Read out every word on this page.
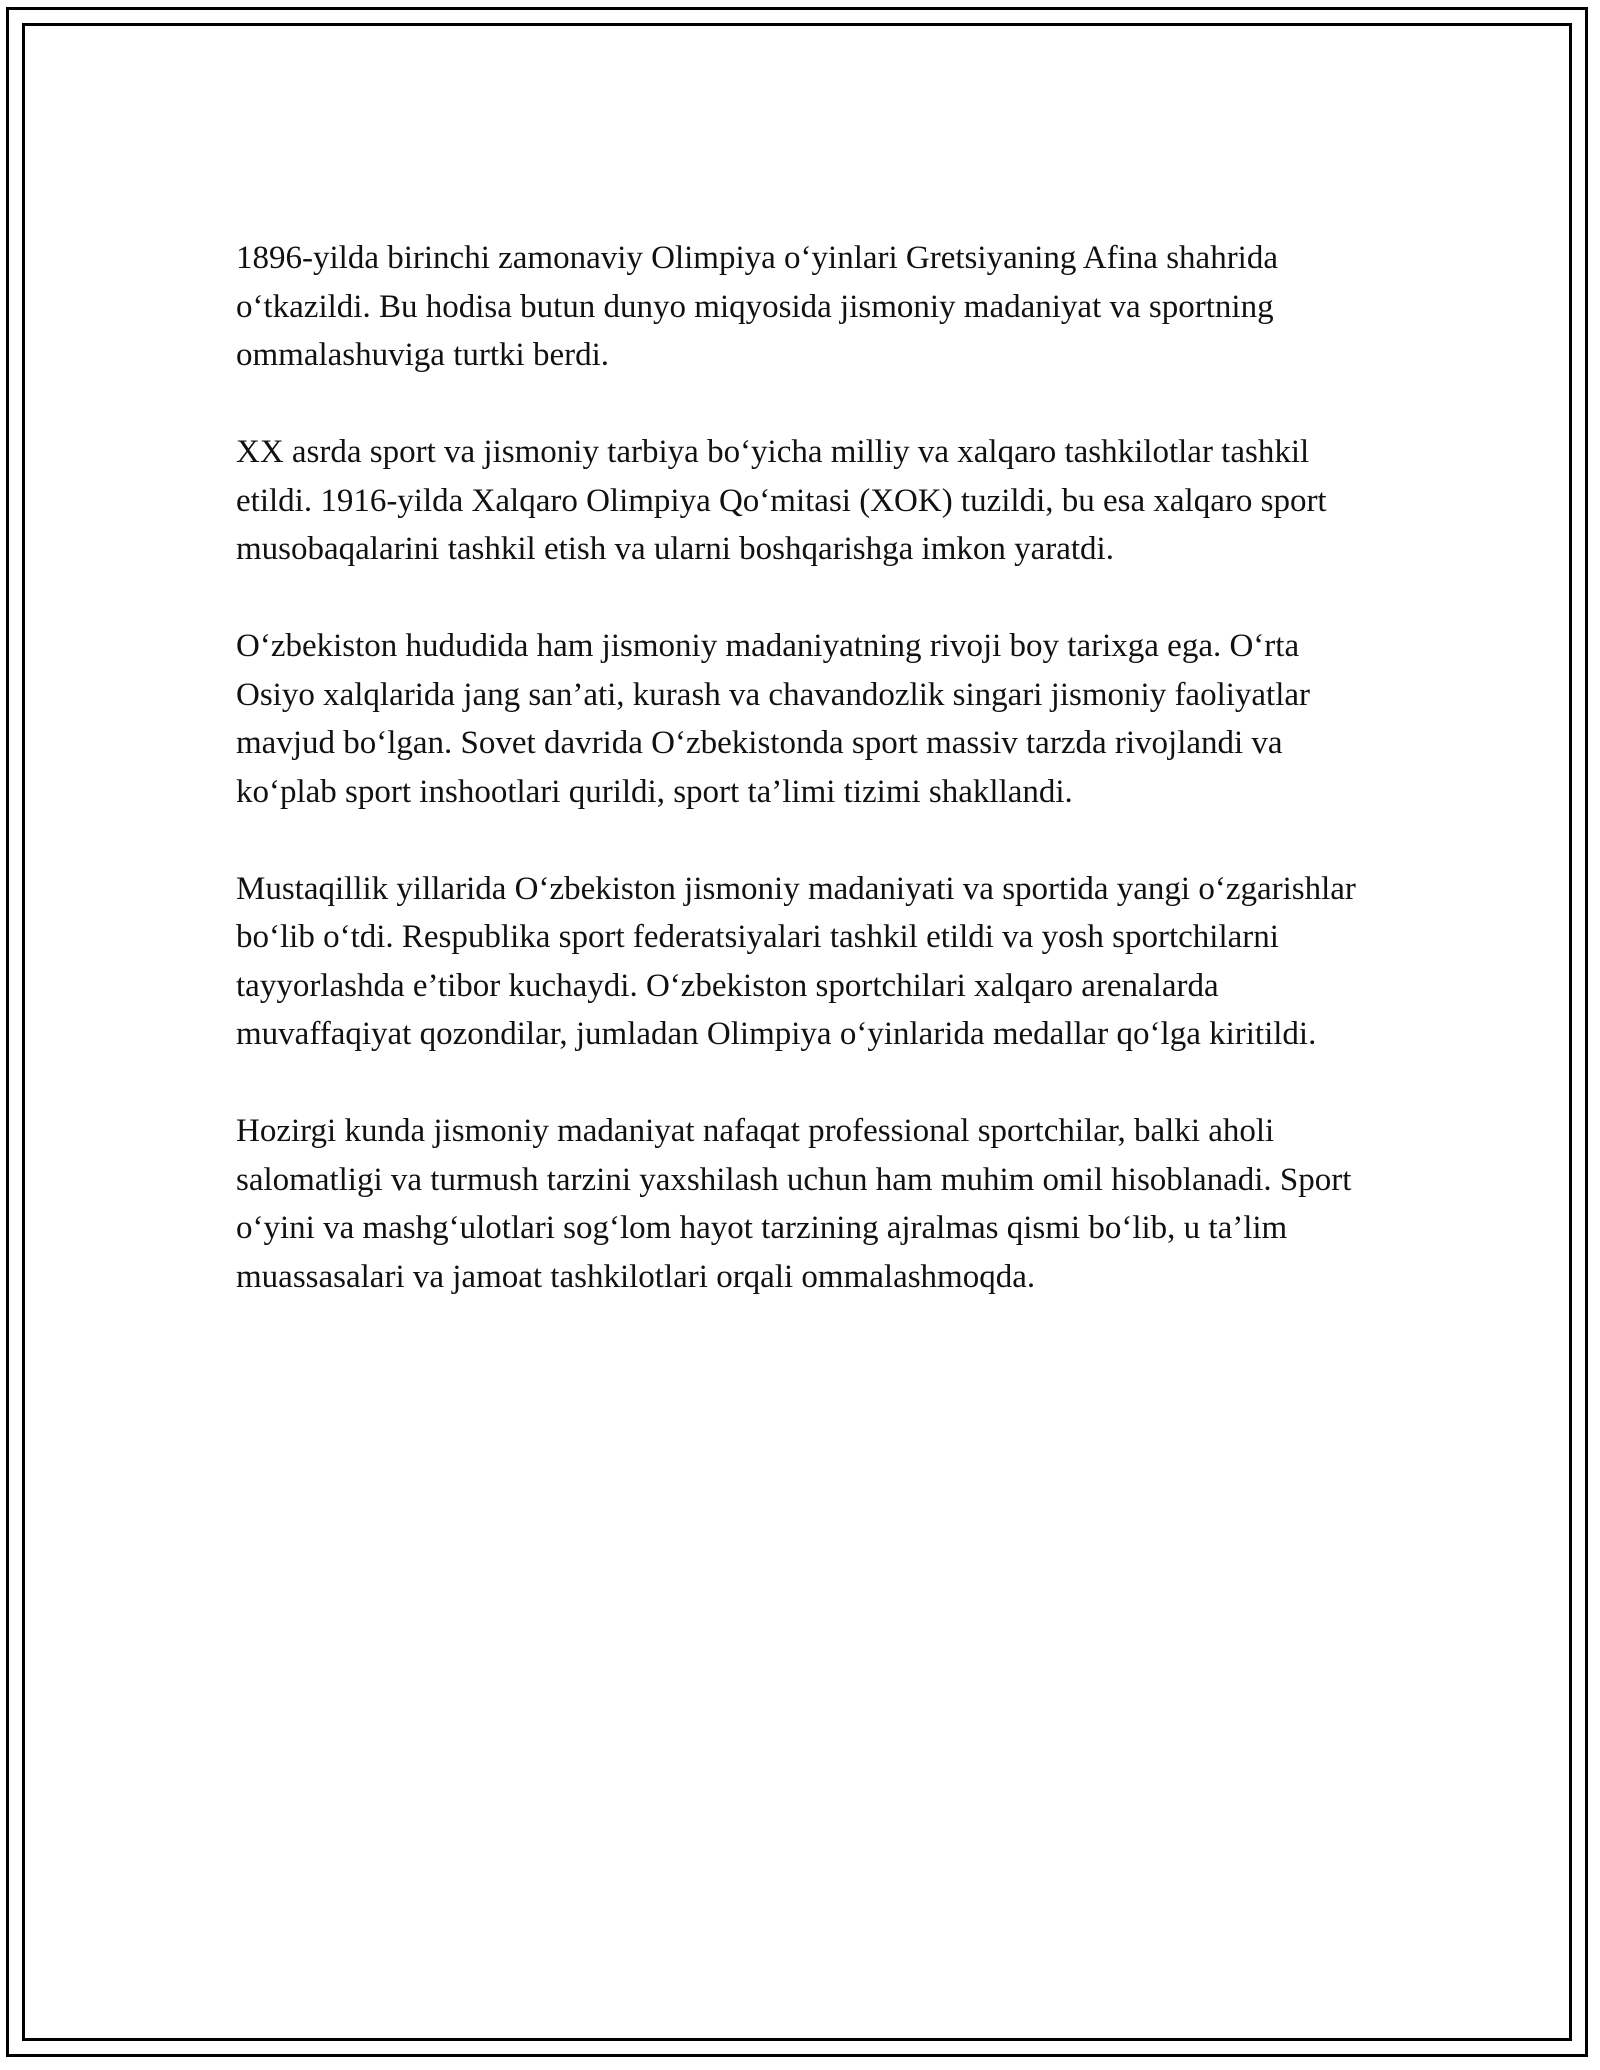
1896-yilda birinchi zamonaviy Olimpiya o‘yinlari Gretsiyaning Afina shahrida o‘tkazildi. Bu hodisa butun dunyo miqyosida jismoniy madaniyat va sportning ommalashuviga turtki berdi.

XX asrda sport va jismoniy tarbiya bo‘yicha milliy va xalqaro tashkilotlar tashkil etildi. 1916-yilda Xalqaro Olimpiya Qo‘mitasi (XOK) tuzildi, bu esa xalqaro sport musobaqalarini tashkil etish va ularni boshqarishga imkon yaratdi.

O‘zbekiston hududida ham jismoniy madaniyatning rivoji boy tarixga ega. O‘rta Osiyo xalqlarida jang san’ati, kurash va chavandozlik singari jismoniy faoliyatlar mavjud bo‘lgan. Sovet davrida O‘zbekistonda sport massiv tarzda rivojlandi va ko‘plab sport inshootlari qurildi, sport ta’limi tizimi shakllandi.

Mustaqillik yillarida O‘zbekiston jismoniy madaniyati va sportida yangi o‘zgarishlar bo‘lib o‘tdi. Respublika sport federatsiyalari tashkil etildi va yosh sportchilarni tayyorlashda e’tibor kuchaydi. O‘zbekiston sportchilari xalqaro arenalarda muvaffaqiyat qozondilar, jumladan Olimpiya o‘yinlarida medallar qo‘lga kiritildi.

Hozirgi kunda jismoniy madaniyat nafaqat professional sportchilar, balki aholi salomatligi va turmush tarzini yaxshilash uchun ham muhim omil hisoblanadi. Sport o‘yini va mashg‘ulotlari sog‘lom hayot tarzining ajralmas qismi bo‘lib, u ta’lim muassasalari va jamoat tashkilotlari orqali ommalashmoqda.
